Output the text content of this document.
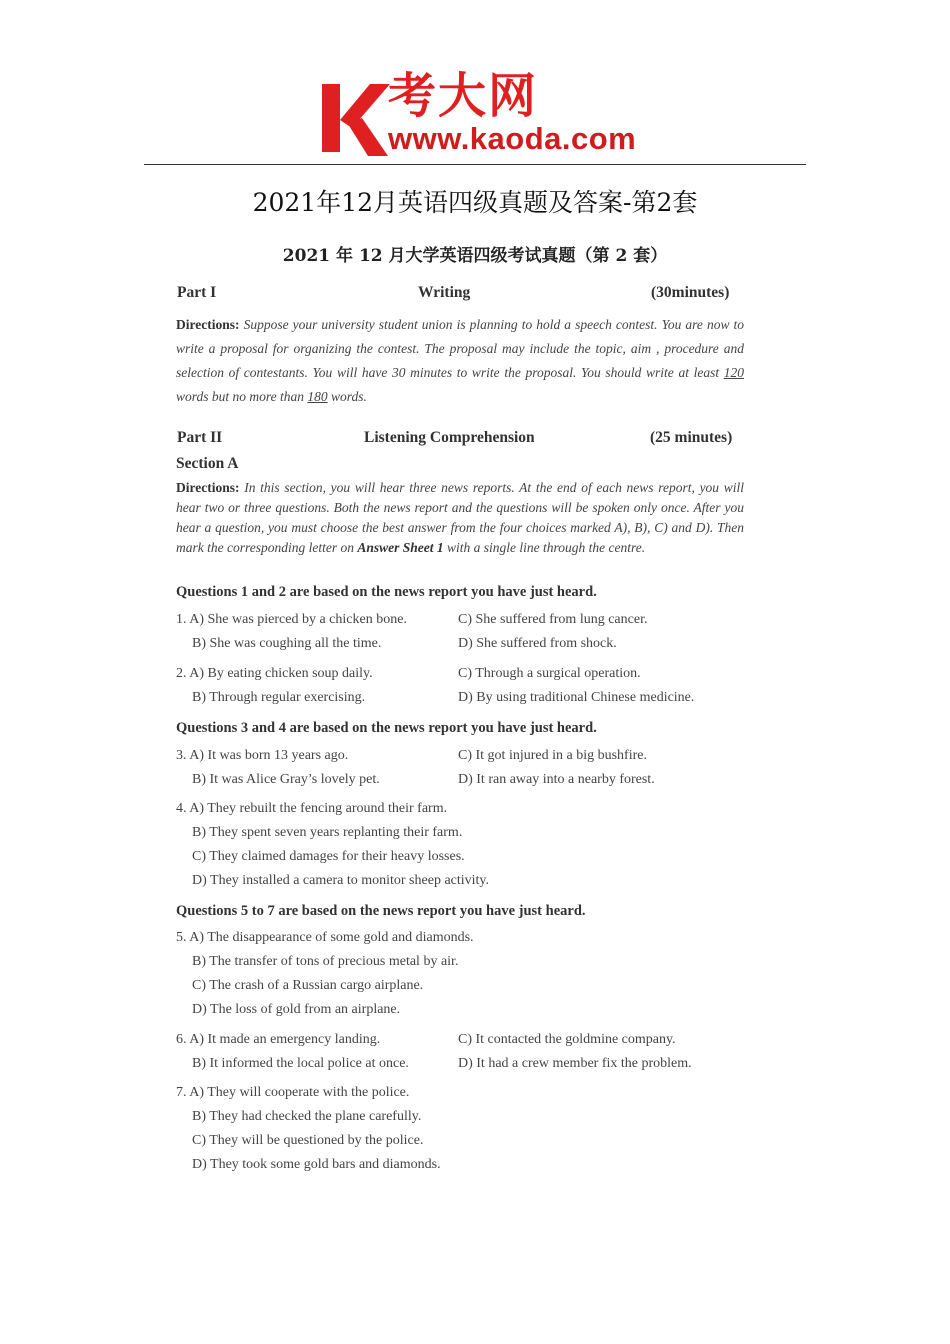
考大网
www.kaoda.com
2021年12月英语四级真题及答案-第2套
2021 年 12 月大学英语四级考试真题（第 2 套）
Part I	Writing	(30minutes)
Directions: Suppose your university student union is planning to hold a speech contest. You are now to write a proposal for organizing the contest. The proposal may include the topic, aim , procedure and selection of contestants. You will have 30 minutes to write the proposal. You should write at least 120 words but no more than 180 words.
Part II	Listening Comprehension	(25 minutes)
Section A
Directions: In this section, you will hear three news reports. At the end of each news report, you will hear two or three questions. Both the news report and the questions will be spoken only once. After you hear a question, you must choose the best answer from the four choices marked A), B), C) and D). Then mark the corresponding letter on Answer Sheet 1 with a single line through the centre.
Questions 1 and 2 are based on the news report you have just heard.
1. A) She was pierced by a chicken bone.
B) She was coughing all the time.
C) She suffered from lung cancer.
D) She suffered from shock.
2. A) By eating chicken soup daily.
B) Through regular exercising.
C) Through a surgical operation.
D) By using traditional Chinese medicine.
Questions 3 and 4 are based on the news report you have just heard.
3. A) It was born 13 years ago.
B) It was Alice Gray’s lovely pet.
C) It got injured in a big bushfire.
D) It ran away into a nearby forest.
4. A) They rebuilt the fencing around their farm.
B) They spent seven years replanting their farm.
C) They claimed damages for their heavy losses.
D) They installed a camera to monitor sheep activity.
Questions 5 to 7 are based on the news report you have just heard.
5. A) The disappearance of some gold and diamonds.
B) The transfer of tons of precious metal by air.
C) The crash of a Russian cargo airplane.
D) The loss of gold from an airplane.
6. A) It made an emergency landing.
B) It informed the local police at once.
C) It contacted the goldmine company.
D) It had a crew member fix the problem.
7. A) They will cooperate with the police.
B) They had checked the plane carefully.
C) They will be questioned by the police.
D) They took some gold bars and diamonds.
